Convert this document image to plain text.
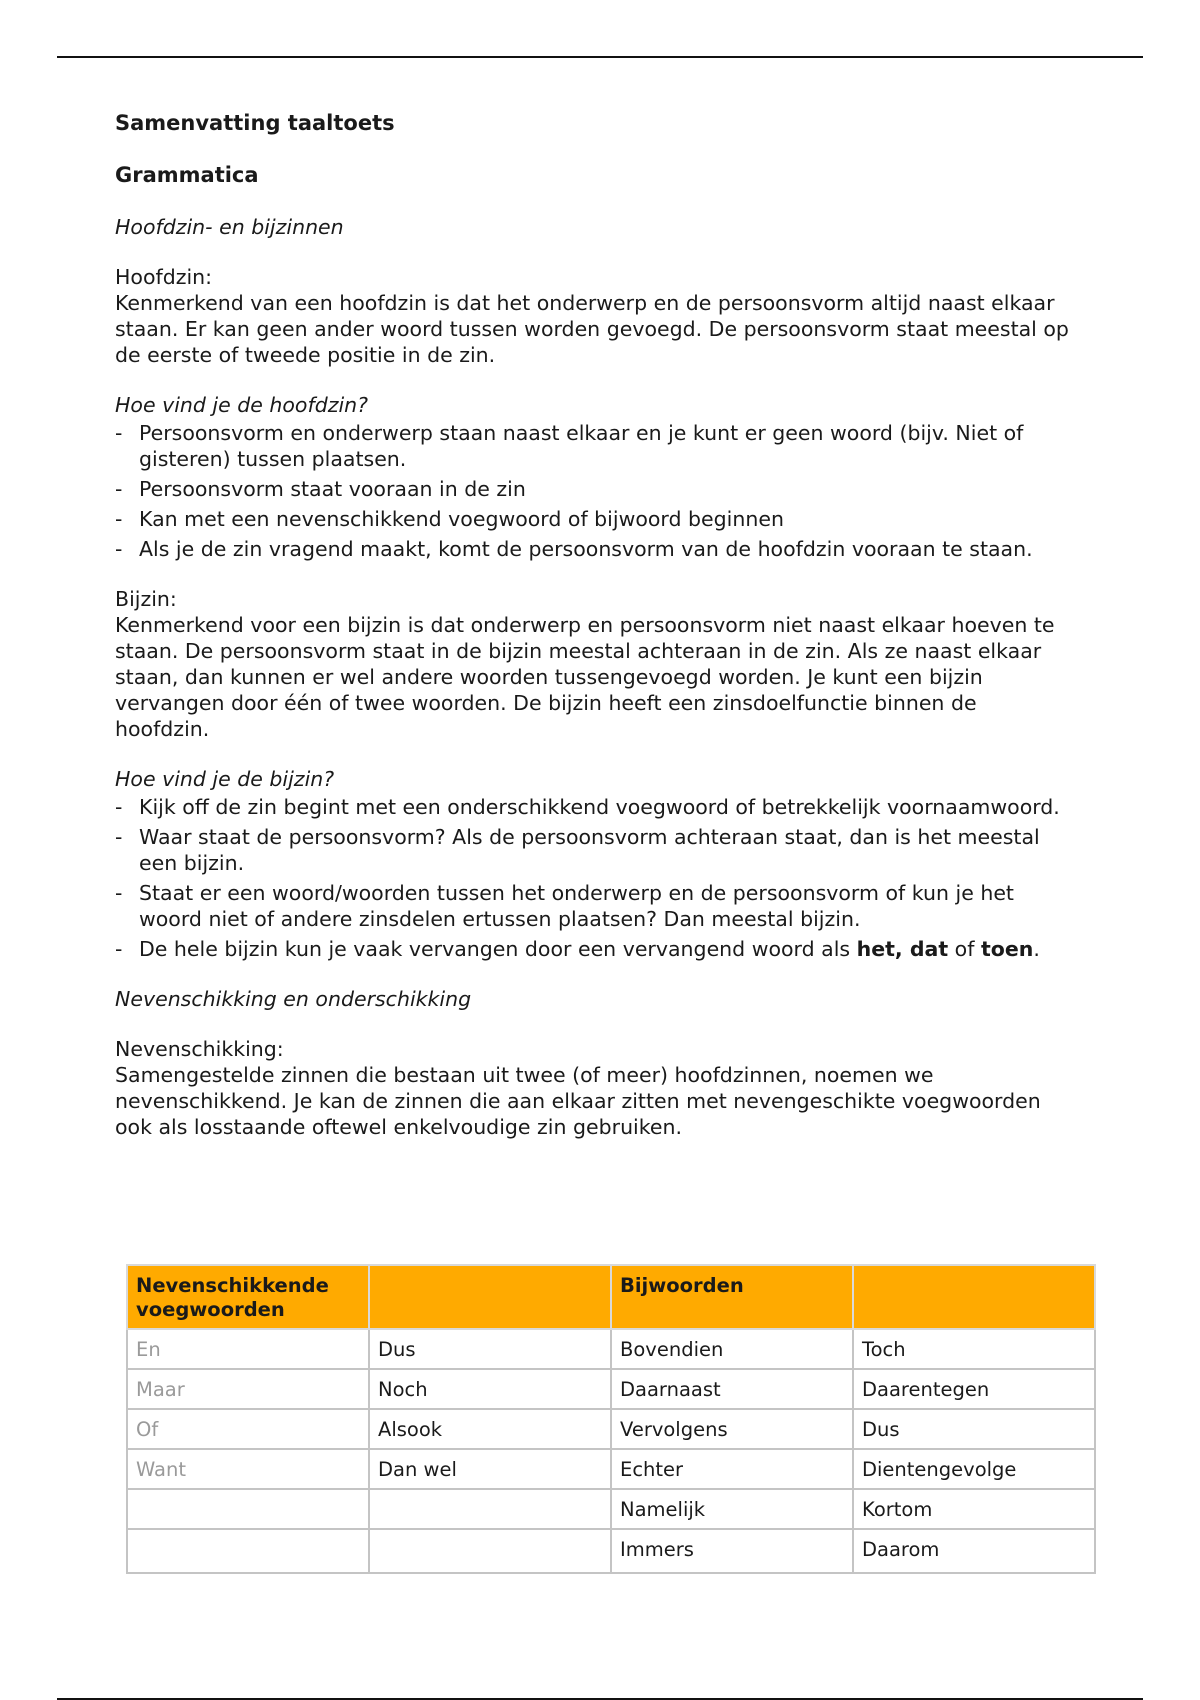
Samenvatting taaltoets
Grammatica
Hoofdzin- en bijzinnen

Hoofdzin:
Kenmerkend van een hoofdzin is dat het onderwerp en de persoonsvorm altijd naast elkaar staan. Er kan geen ander woord tussen worden gevoegd. De persoonsvorm staat meestal op de eerste of tweede positie in de zin.

Hoe vind je de hoofdzin?
- Persoonsvorm en onderwerp staan naast elkaar en je kunt er geen woord (bijv. Niet of gisteren) tussen plaatsen.
- Persoonsvorm staat vooraan in de zin
- Kan met een nevenschikkend voegwoord of bijwoord beginnen
- Als je de zin vragend maakt, komt de persoonsvorm van de hoofdzin vooraan te staan.

Bijzin:
Kenmerkend voor een bijzin is dat onderwerp en persoonsvorm niet naast elkaar hoeven te staan. De persoonsvorm staat in de bijzin meestal achteraan in de zin. Als ze naast elkaar staan, dan kunnen er wel andere woorden tussengevoegd worden. Je kunt een bijzin vervangen door één of twee woorden. De bijzin heeft een zinsdoelfunctie binnen de hoofdzin.

Hoe vind je de bijzin?
- Kijk off de zin begint met een onderschikkend voegwoord of betrekkelijk voornaamwoord.
- Waar staat de persoonsvorm? Als de persoonsvorm achteraan staat, dan is het meestal een bijzin.
- Staat er een woord/woorden tussen het onderwerp en de persoonsvorm of kun je het woord niet of andere zinsdelen ertussen plaatsen? Dan meestal bijzin.
- De hele bijzin kun je vaak vervangen door een vervangend woord als het, dat of toen.
Nevenschikking en onderschikking

Nevenschikking:
Samengestelde zinnen die bestaan uit twee (of meer) hoofdzinnen, noemen we nevenschikkend. Je kan de zinnen die aan elkaar zitten met nevengeschikte voegwoorden ook als losstaande oftewel enkelvoudige zin gebruiken.

Nevenschikkende voegwoorden		Bijwoorden	
En	Dus	Bovendien	Toch
Maar	Noch	Daarnaast	Daarentegen
Of	Alsook	Vervolgens	Dus
Want	Dan wel	Echter	Dientengevolge
		Namelijk	Kortom
		Immers	Daarom
